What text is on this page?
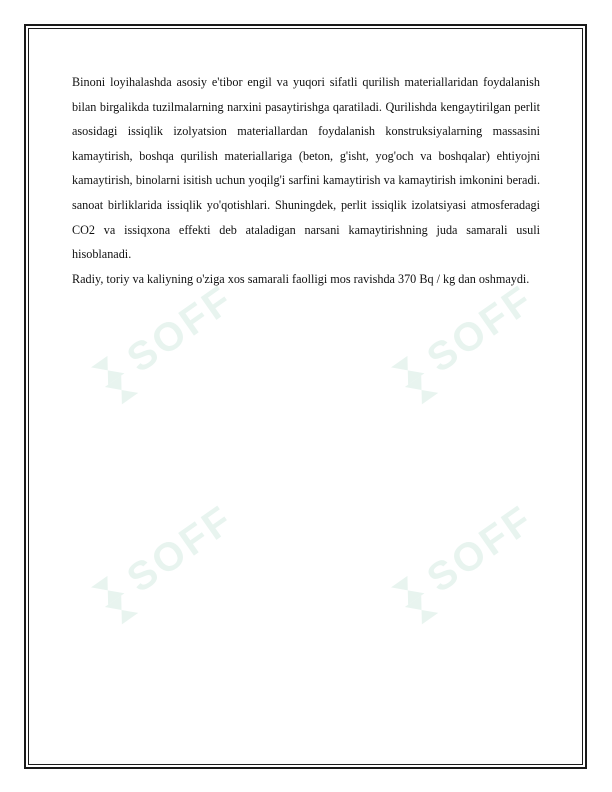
SOFF	SOFF
SOFF	SOFF

Binoni loyihalashda asosiy e'tibor engil va yuqori sifatli qurilish materiallaridan foydalanish bilan birgalikda tuzilmalarning narxini pasaytirishga qaratiladi. Qurilishda kengaytirilgan perlit asosidagi issiqlik izolyatsion materiallardan foydalanish konstruksiyalarning massasini kamaytirish, boshqa qurilish materiallariga (beton, g'isht, yog'och va boshqalar) ehtiyojni kamaytirish, binolarni isitish uchun yoqilg'i sarfini kamaytirish va kamaytirish imkonini beradi. sanoat birliklarida issiqlik yo'qotishlari. Shuningdek, perlit issiqlik izolatsiyasi atmosferadagi CO2 va issiqxona effekti deb ataladigan narsani kamaytirishning juda samarali usuli hisoblanadi.

Radiy, toriy va kaliyning o'ziga xos samarali faolligi mos ravishda 370 Bq / kg dan oshmaydi.
